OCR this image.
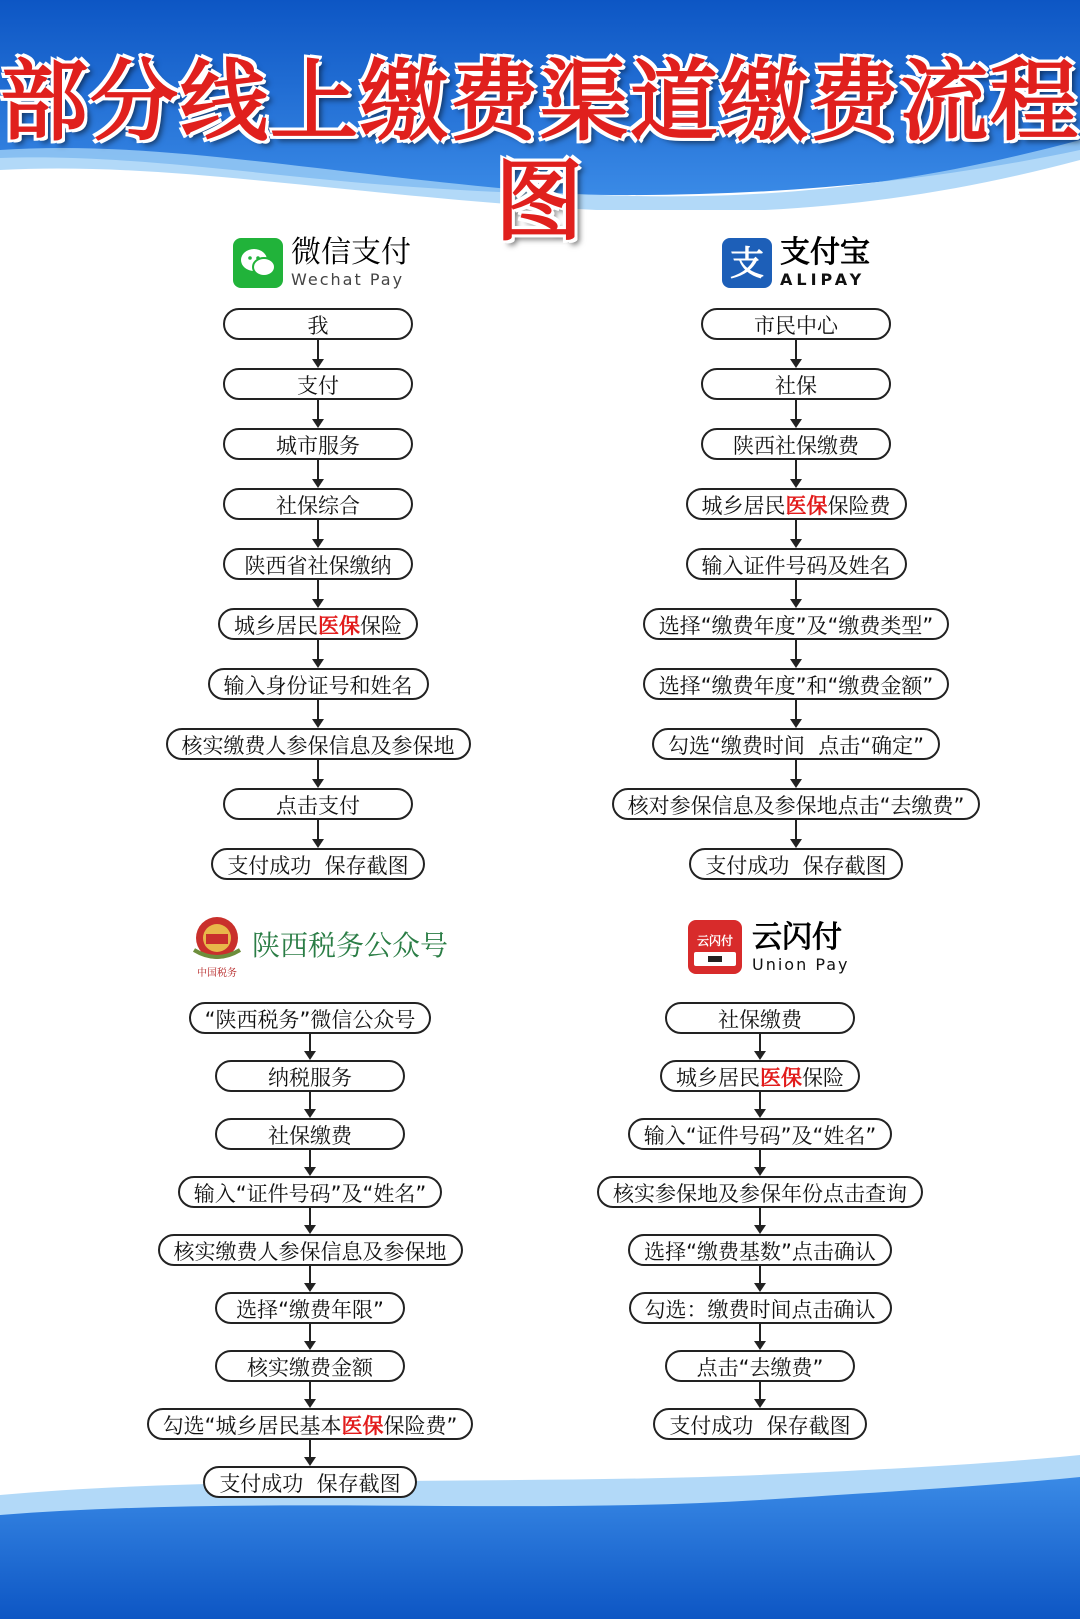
部分线上缴费渠道缴费流程图
微信支付
Wechat Pay	支 支付宝
ALIPAY
中国税务
陕西税务公众号	云闪付 云闪付
Union Pay
我
支付
城市服务
社保综合
陕西省社保缴纳
城乡居民医保保险
输入身份证号和姓名
核实缴费人参保信息及参保地
点击支付
支付成功  保存截图
市民中心
社保
陕西社保缴费
城乡居民医保保险费
输入证件号码及姓名
选择“缴费年度”及“缴费类型”
选择“缴费年度”和“缴费金额”
勾选“缴费时间  点击“确定”
核对参保信息及参保地点击“去缴费”
支付成功  保存截图
“陕西税务”微信公众号
纳税服务
社保缴费
输入“证件号码”及“姓名”
核实缴费人参保信息及参保地
选择“缴费年限”
核实缴费金额
勾选“城乡居民基本医保保险费”
支付成功  保存截图
社保缴费
城乡居民医保保险
输入“证件号码”及“姓名”
核实参保地及参保年份点击查询
选择“缴费基数”点击确认
勾选：缴费时间点击确认
点击“去缴费”
支付成功  保存截图
